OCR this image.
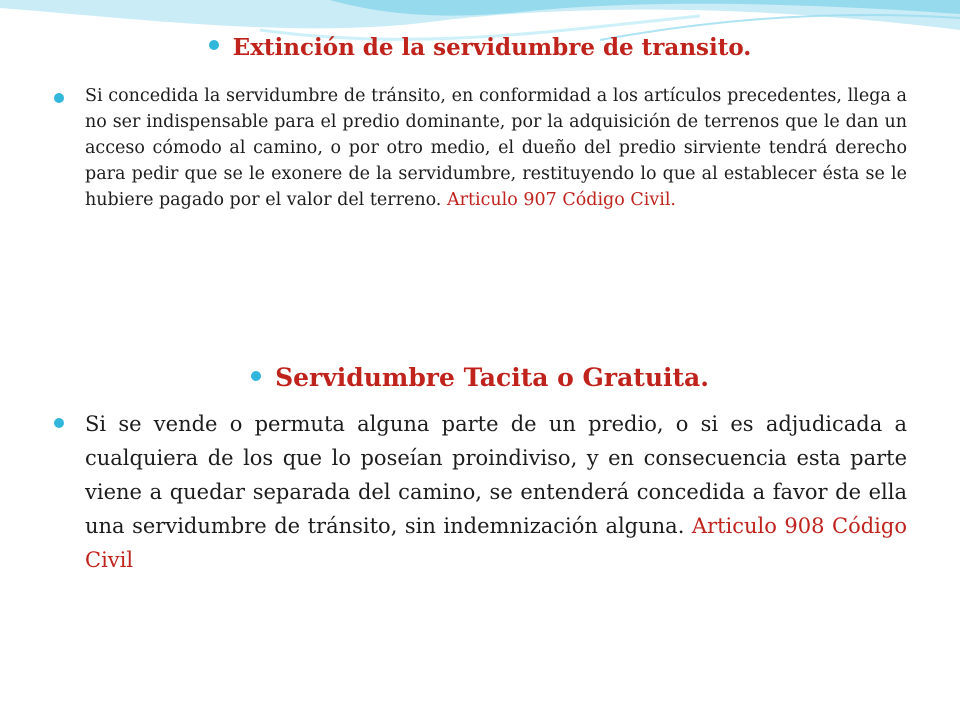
Extinción de la servidumbre de transito.

Si concedida la servidumbre de tránsito, en conformidad a los artículos precedentes, llega a no ser indispensable para el predio dominante, por la adquisición de terrenos que le dan un acceso cómodo al camino, o por otro medio, el dueño del predio sirviente tendrá derecho para pedir que se le exonere de la servidumbre, restituyendo lo que al establecer ésta se le hubiere pagado por el valor del terreno. Articulo 907 Código Civil.

Servidumbre Tacita o Gratuita.

Si se vende o permuta alguna parte de un predio, o si es adjudicada a cualquiera de los que lo poseían proindiviso, y en consecuencia esta parte viene a quedar separada del camino, se entenderá concedida a favor de ella una servidumbre de tránsito, sin indemnización alguna. Articulo 908 Código Civil
